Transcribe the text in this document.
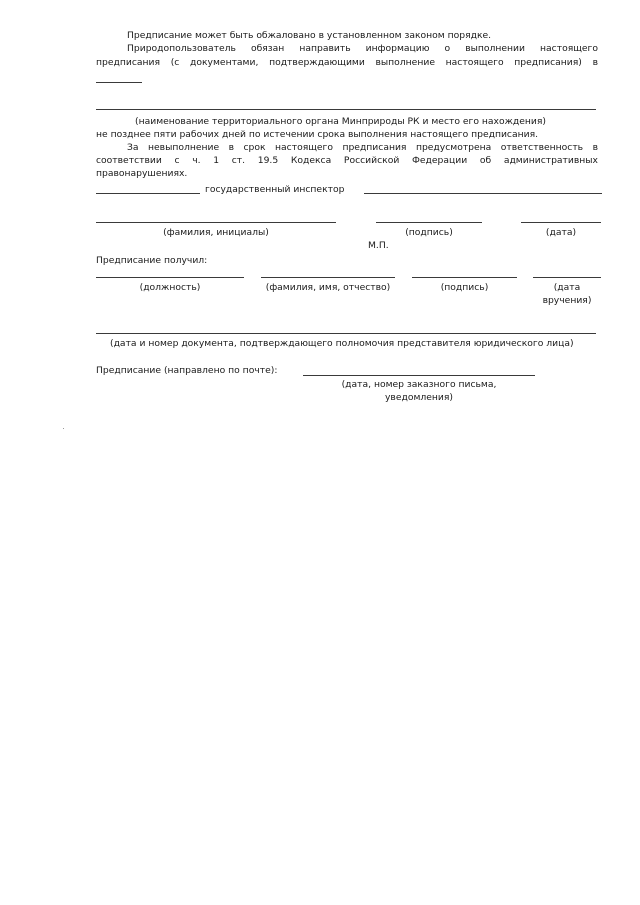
Предписание может быть обжаловано в установленном законом порядке.
Природопользователь обязан направить информацию о выполнении настоящего
предписания (с документами, подтверждающими выполнение настоящего предписания) в
(наименование территориального органа Минприроды РК и место его нахождения)
не позднее пяти рабочих дней по истечении срока выполнения настоящего предписания.
За невыполнение в срок настоящего предписания предусмотрена ответственность в
соответствии с ч. 1 ст. 19.5 Кодекса Российской Федерации об административных
правонарушениях.
государственный инспектор
(фамилия, инициалы)	(подпись)	(дата)
М.П.
Предписание получил:
(должность)	(фамилия, имя, отчество)	(подпись)	(дата
вручения)
(дата и номер документа, подтверждающего полномочия представителя юридического лица)
Предписание (направлено по почте):
(дата, номер заказного письма,
уведомления)
